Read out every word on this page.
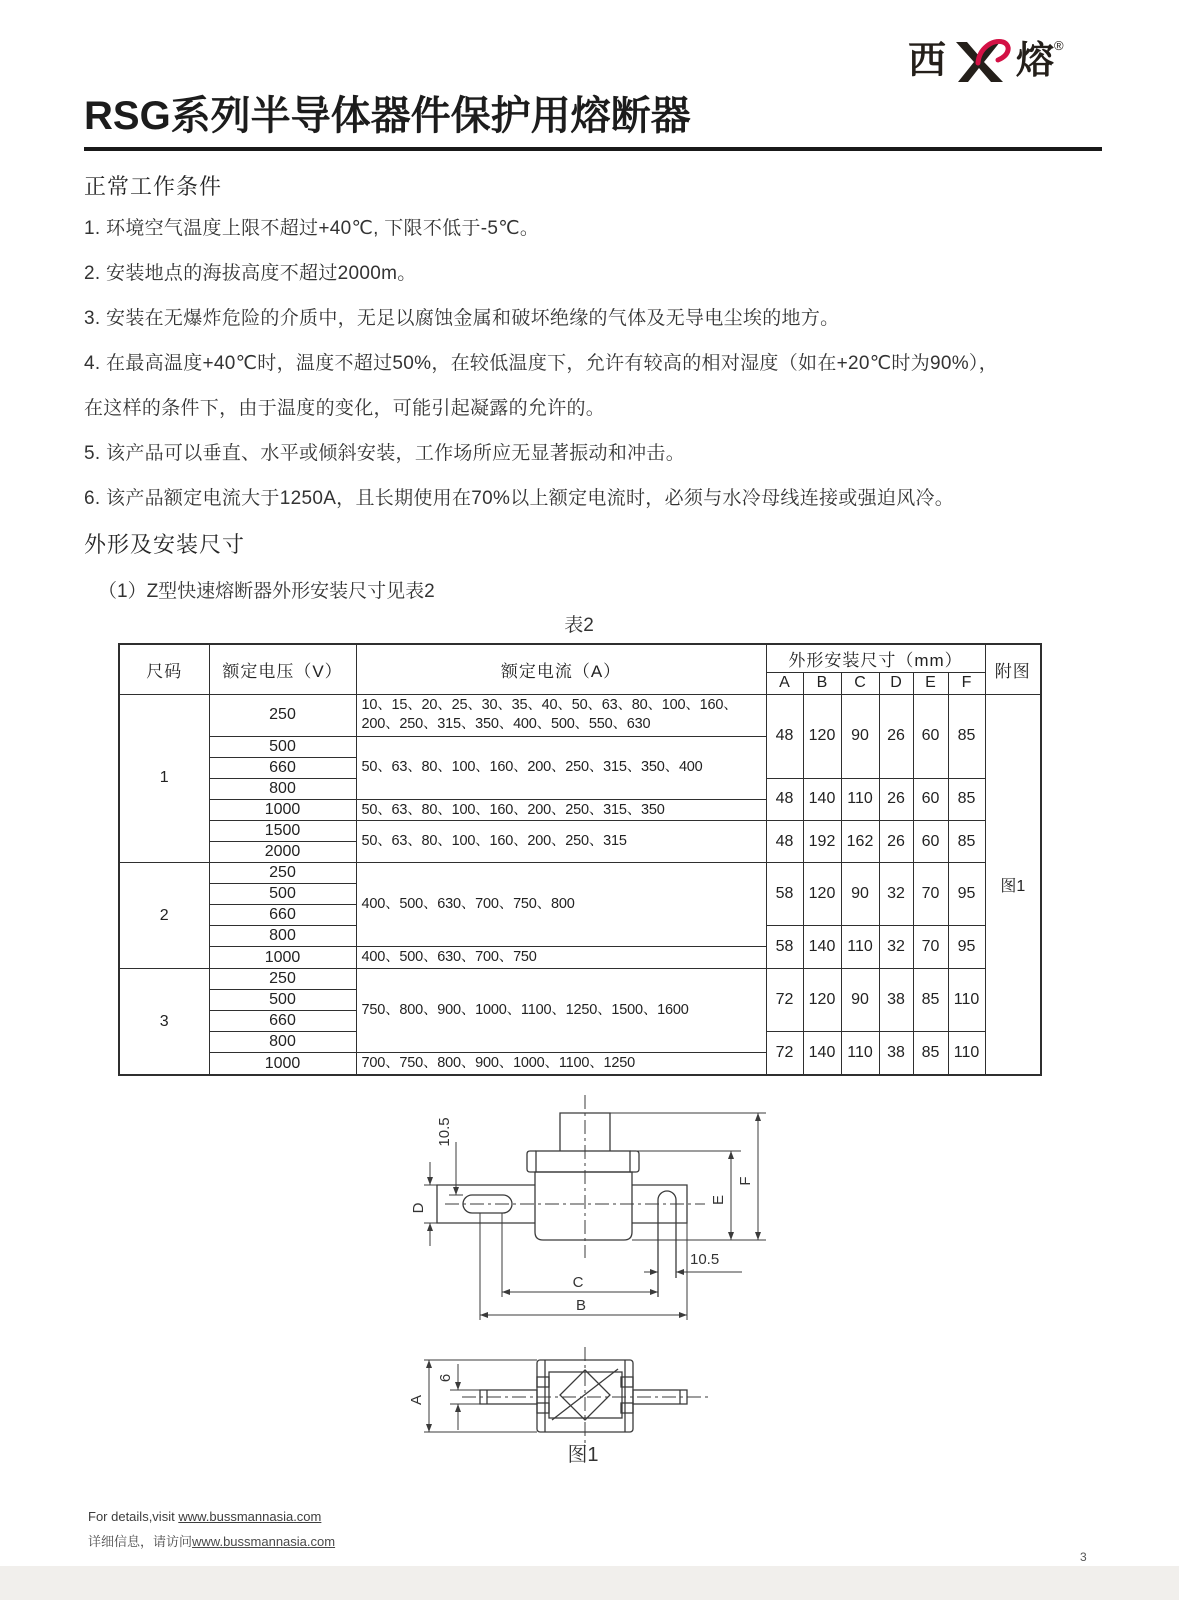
西 熔 ®
RSG系列半导体器件保护用熔断器
正常工作条件

1. 环境空气温度上限不超过+40℃, 下限不低于-5℃。

2. 安装地点的海拔高度不超过2000m。

3. 安装在无爆炸危险的介质中，无足以腐蚀金属和破坏绝缘的气体及无导电尘埃的地方。

4. 在最高温度+40℃时，温度不超过50%，在较低温度下，允许有较高的相对湿度（如在+20℃时为90%），

在这样的条件下，由于温度的变化，可能引起凝露的允许的。

5. 该产品可以垂直、水平或倾斜安装，工作场所应无显著振动和冲击。

6. 该产品额定电流大于1250A，且长期使用在70%以上额定电流时，必须与水冷母线连接或强迫风冷。

外形及安装尺寸
（1）Z型快速熔断器外形安装尺寸见表2
表2
尺码	额定电压（V）	额定电流（A）	外形安装尺寸（mm）						附图
			A	B	C	D	E	F	
1	250	10、15、20、25、30、35、40、50、63、80、100、160、200、250、315、350、400、500、550、630	48	120	90	26	60	85	图1
	500	50、63、80、100、160、200、250、315、350、400							
	660								
	800		48	140	110	26	60	85	
	1000	50、63、80、100、160、200、250、315、350							
	1500	50、63、80、100、160、200、250、315	48	192	162	26	60	85	
	2000								
2	250	400、500、630、700、750、800	58	120	90	32	70	95	
	500								
	660								
	800		58	140	110	32	70	95	
	1000	400、500、630、700、750							
3	250	750、800、900、1000、1100、1250、1500、1600	72	120	90	38	85	110	
	500								
	660								
	800		72	140	110	38	85	110	
	1000	700、750、800、900、1000、1100、1250							
E
F
10.5
D
10.5
C
B
A
6
图1
For details,visit www.bussmannasia.com
详细信息，请访问www.bussmannasia.com
3
